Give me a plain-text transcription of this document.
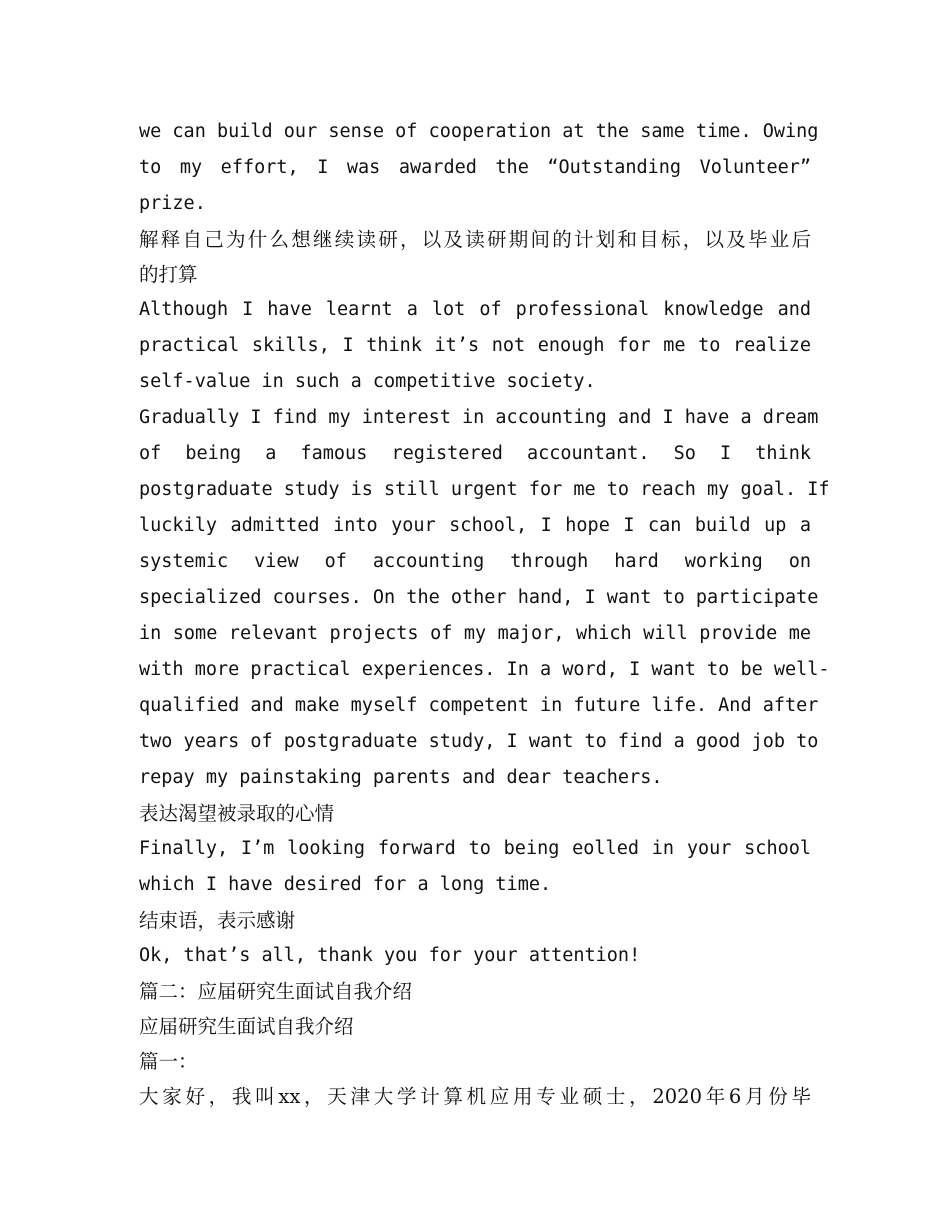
we can build our sense of cooperation at the same time. Owing
to my effort, I was awarded the “Outstanding Volunteer”
prize.
解释自己为什么想继续读研，以及读研期间的计划和目标，以及毕业后
的打算
Although I have learnt a lot of professional knowledge and
practical skills, I think it’s not enough for me to realize
self-value in such a competitive society.
Gradually I find my interest in accounting and I have a dream
of being a famous registered accountant. So I think
postgraduate study is still urgent for me to reach my goal. If
luckily admitted into your school, I hope I can build up a
systemic view of accounting through hard working on
specialized courses. On the other hand, I want to participate
in some relevant projects of my major, which will provide me
with more practical experiences. In a word, I want to be well-
qualified and make myself competent in future life. And after
two years of postgraduate study, I want to find a good job to
repay my painstaking parents and dear teachers.
表达渴望被录取的心情
Finally, I’m looking forward to being eolled in your school
which I have desired for a long time.
结束语，表示感谢
Ok, that’s all, thank you for your attention!
篇二：应届研究生面试自我介绍
应届研究生面试自我介绍
篇一：
大家好，我叫xx，天津大学计算机应用专业硕士，2020年6月份毕
